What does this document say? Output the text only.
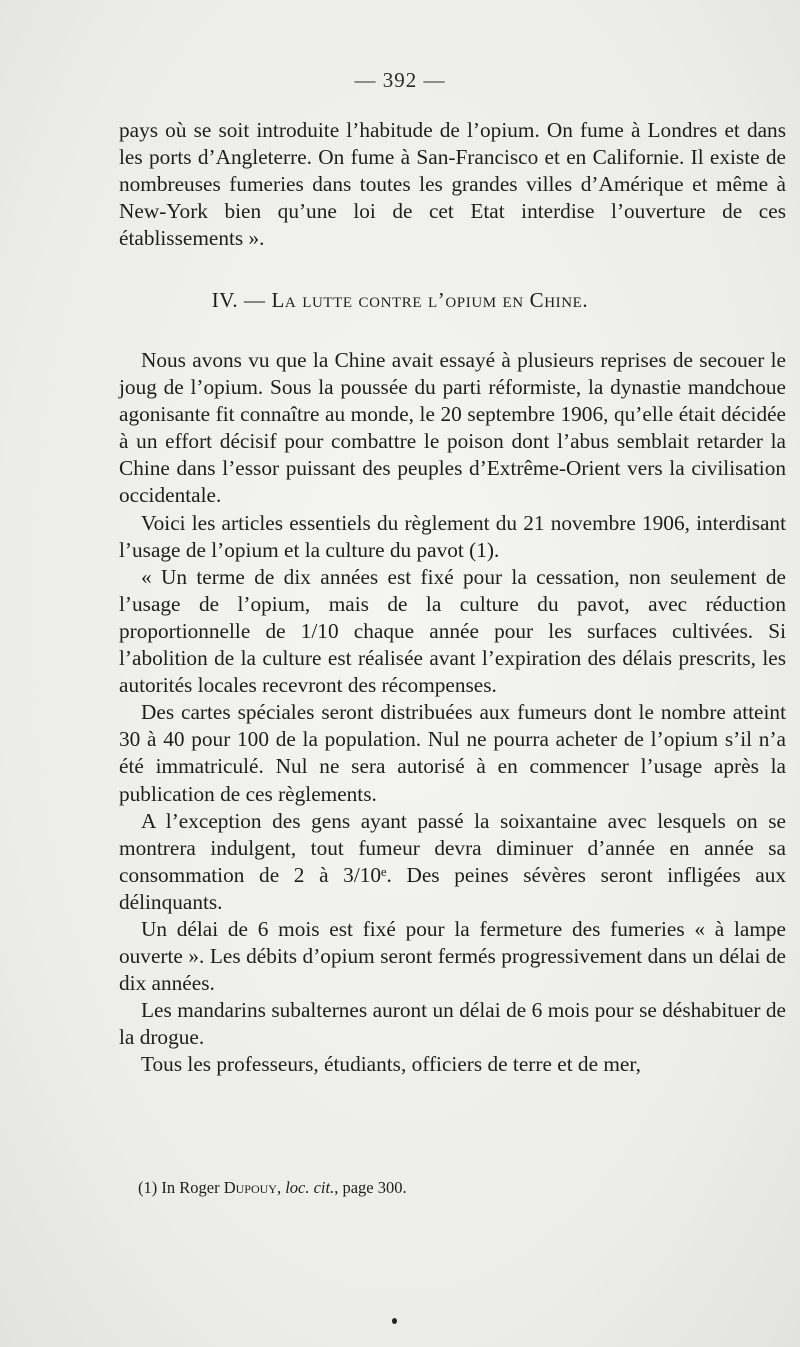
— 392 —

pays où se soit introduite l’habitude de l’opium. On fume à Londres et dans les ports d’Angleterre. On fume à San-Francisco et en Californie. Il existe de nombreuses fumeries dans toutes les grandes villes d’Amérique et même à New-York bien qu’une loi de cet Etat interdise l’ouverture de ces établissements ».

IV. — La lutte contre l’opium en Chine.

Nous avons vu que la Chine avait essayé à plusieurs reprises de secouer le joug de l’opium. Sous la poussée du parti réformiste, la dynastie mandchoue agonisante fit connaître au monde, le 20 septembre 1906, qu’elle était décidée à un effort décisif pour combattre le poison dont l’abus semblait retarder la Chine dans l’essor puissant des peuples d’Extrême-Orient vers la civilisation occidentale.

Voici les articles essentiels du règlement du 21 novembre 1906, interdisant l’usage de l’opium et la culture du pavot (1).

« Un terme de dix années est fixé pour la cessation, non seulement de l’usage de l’opium, mais de la culture du pavot, avec réduction proportionnelle de 1/10 chaque année pour les surfaces cultivées. Si l’abolition de la culture est réalisée avant l’expiration des délais prescrits, les autorités locales recevront des récompenses.

Des cartes spéciales seront distribuées aux fumeurs dont le nombre atteint 30 à 40 pour 100 de la population. Nul ne pourra acheter de l’opium s’il n’a été immatriculé. Nul ne sera autorisé à en commencer l’usage après la publication de ces règlements.

A l’exception des gens ayant passé la soixantaine avec lesquels on se montrera indulgent, tout fumeur devra diminuer d’année en année sa consommation de 2 à 3/10ᵉ. Des peines sévères seront infligées aux délinquants.

Un délai de 6 mois est fixé pour la fermeture des fumeries « à lampe ouverte ». Les débits d’opium seront fermés progressivement dans un délai de dix années.

Les mandarins subalternes auront un délai de 6 mois pour se déshabituer de la drogue.

Tous les professeurs, étudiants, officiers de terre et de mer,

(1) In Roger Dupouy, loc. cit., page 300.
